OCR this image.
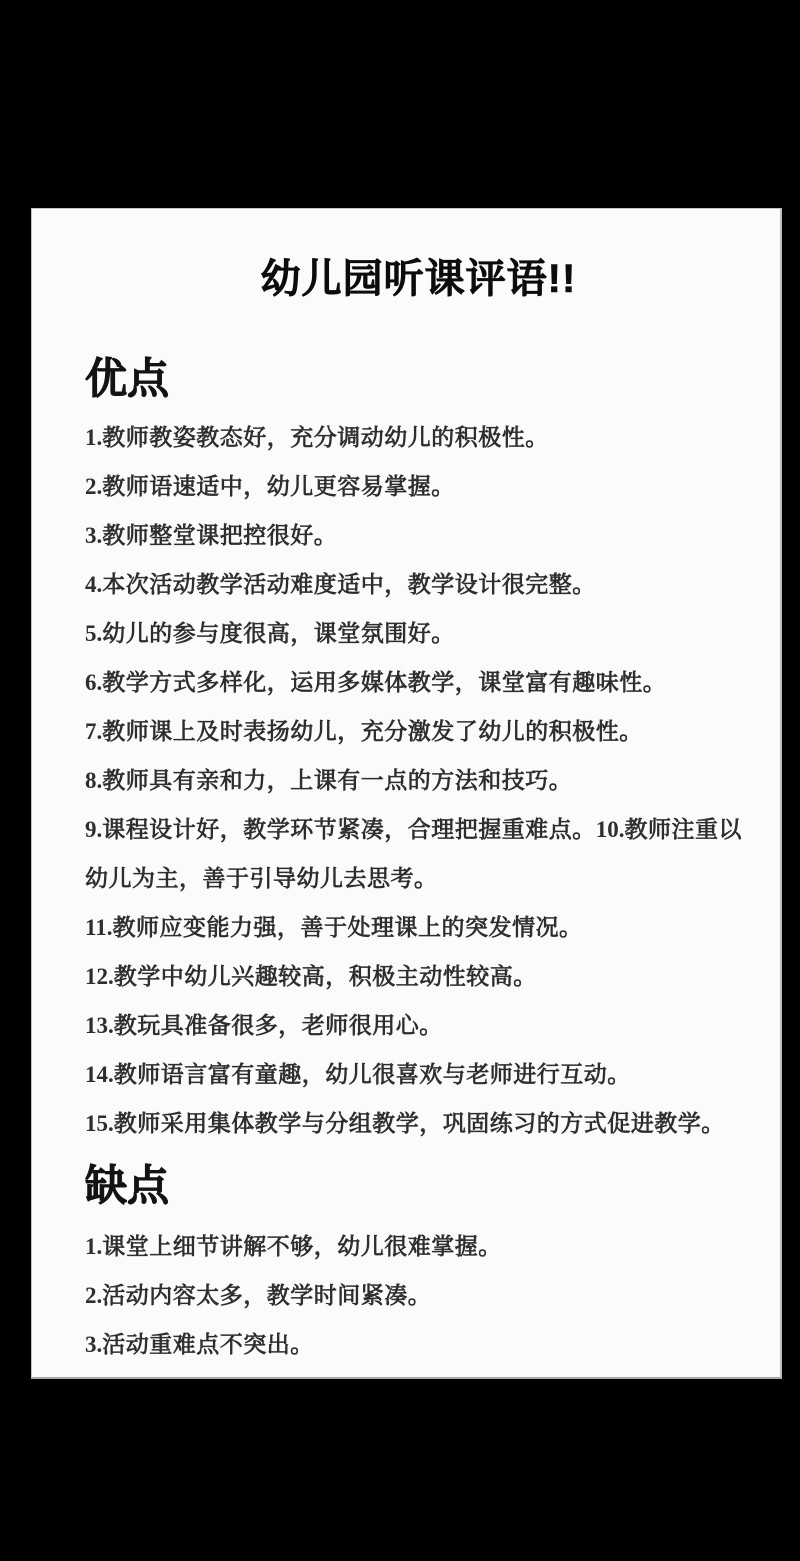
幼儿园听课评语!!
优点

1.教师教姿教态好，充分调动幼儿的积极性。

2.教师语速适中，幼儿更容易掌握。

3.教师整堂课把控很好。

4.本次活动教学活动难度适中，教学设计很完整。

5.幼儿的参与度很高，课堂氛围好。

6.教学方式多样化，运用多媒体教学，课堂富有趣味性。

7.教师课上及时表扬幼儿，充分激发了幼儿的积极性。

8.教师具有亲和力，上课有一点的方法和技巧。

9.课程设计好，教学环节紧凑，合理把握重难点。10.教师注重以幼儿为主，善于引导幼儿去思考。

11.教师应变能力强，善于处理课上的突发情况。

12.教学中幼儿兴趣较高，积极主动性较高。

13.教玩具准备很多，老师很用心。

14.教师语言富有童趣，幼儿很喜欢与老师进行互动。

15.教师采用集体教学与分组教学，巩固练习的方式促进教学。

缺点

1.课堂上细节讲解不够，幼儿很难掌握。

2.活动内容太多，教学时间紧凑。

3.活动重难点不突出。
